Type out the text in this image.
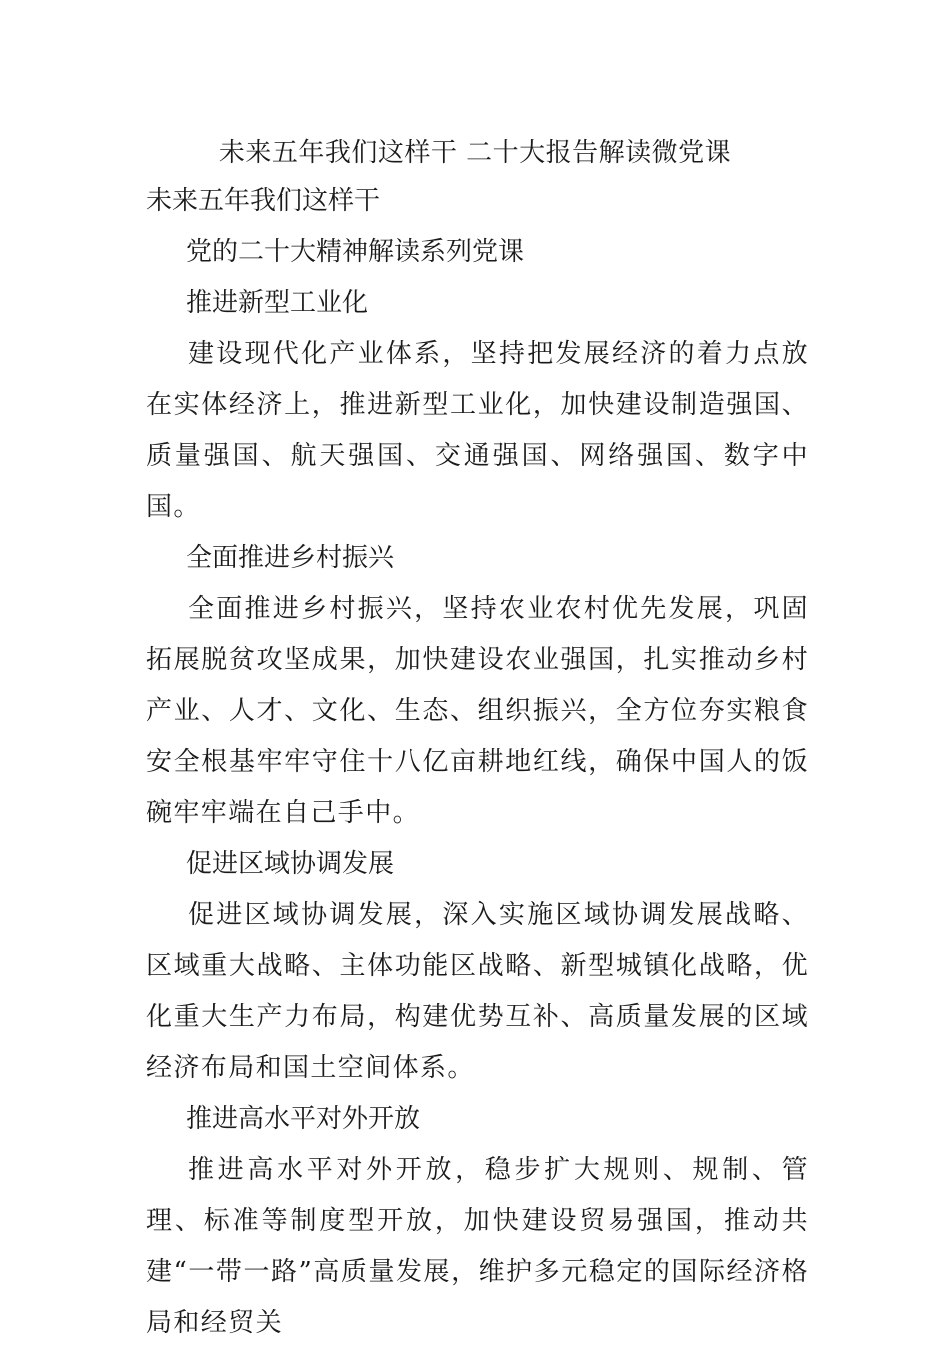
未来五年我们这样干 二十大报告解读微党课
未来五年我们这样干

党的二十大精神解读系列党课

推进新型工业化

建设现代化产业体系，坚持把发展经济的着力点放在实体经济上，推进新型工业化，加快建设制造强国、质量强国、航天强国、交通强国、网络强国、数字中国。

全面推进乡村振兴

全面推进乡村振兴，坚持农业农村优先发展，巩固拓展脱贫攻坚成果，加快建设农业强国，扎实推动乡村产业、人才、文化、生态、组织振兴，全方位夯实粮食安全根基牢牢守住十八亿亩耕地红线，确保中国人的饭碗牢牢端在自己手中。

促进区域协调发展

促进区域协调发展，深入实施区域协调发展战略、区域重大战略、主体功能区战略、新型城镇化战略，优化重大生产力布局，构建优势互补、高质量发展的区域经济布局和国土空间体系。

推进高水平对外开放

推进高水平对外开放，稳步扩大规则、规制、管理、标准等制度型开放，加快建设贸易强国，推动共建“一带一路”高质量发展，维护多元稳定的国际经济格局和经贸关
